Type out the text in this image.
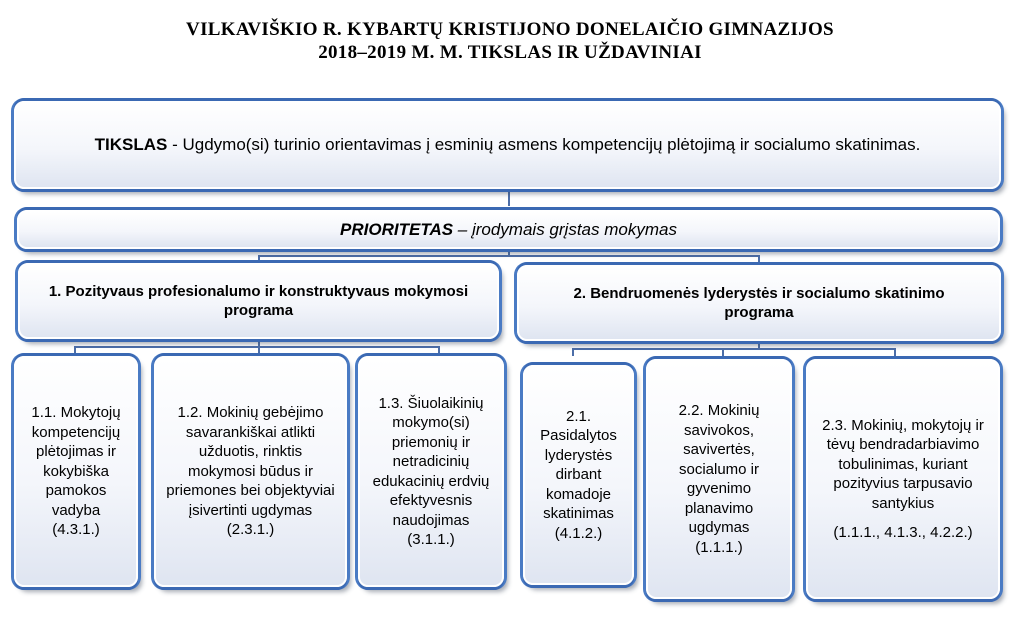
VILKAVIŠKIO R. KYBARTŲ KRISTIJONO DONELAIČIO GIMNAZIJOS
2018–2019 M. M. TIKSLAS IR UŽDAVINIAI
TIKSLAS - Ugdymo(si) turinio orientavimas į esminių asmens kompetencijų plėtojimą ir socialumo skatinimas.
PRIORITETAS – įrodymais grįstas mokymas
1. Pozityvaus profesionalumo ir konstruktyvaus mokymosi programa
2. Bendruomenės lyderystės ir socialumo skatinimo programa
1.1. Mokytojų kompetencijų plėtojimas ir kokybiška pamokos vadyba
(4.3.1.)
1.2. Mokinių gebėjimo savarankiškai atlikti užduotis, rinktis mokymosi būdus ir priemones bei objektyviai įsivertinti ugdymas (2.3.1.)
1.3. Šiuolaikinių mokymo(si) priemonių ir netradicinių edukacinių erdvių efektyvesnis naudojimas
(3.1.1.)
2.1. Pasidalytos lyderystės dirbant komadoje skatinimas
(4.1.2.)
2.2. Mokinių savivokos, savivertės, socialumo ir gyvenimo planavimo ugdymas
(1.1.1.)
2.3. Mokinių, mokytojų ir tėvų bendradarbiavimo tobulinimas, kuriant pozityvius tarpusavio santykius
(1.1.1., 4.1.3., 4.2.2.)
